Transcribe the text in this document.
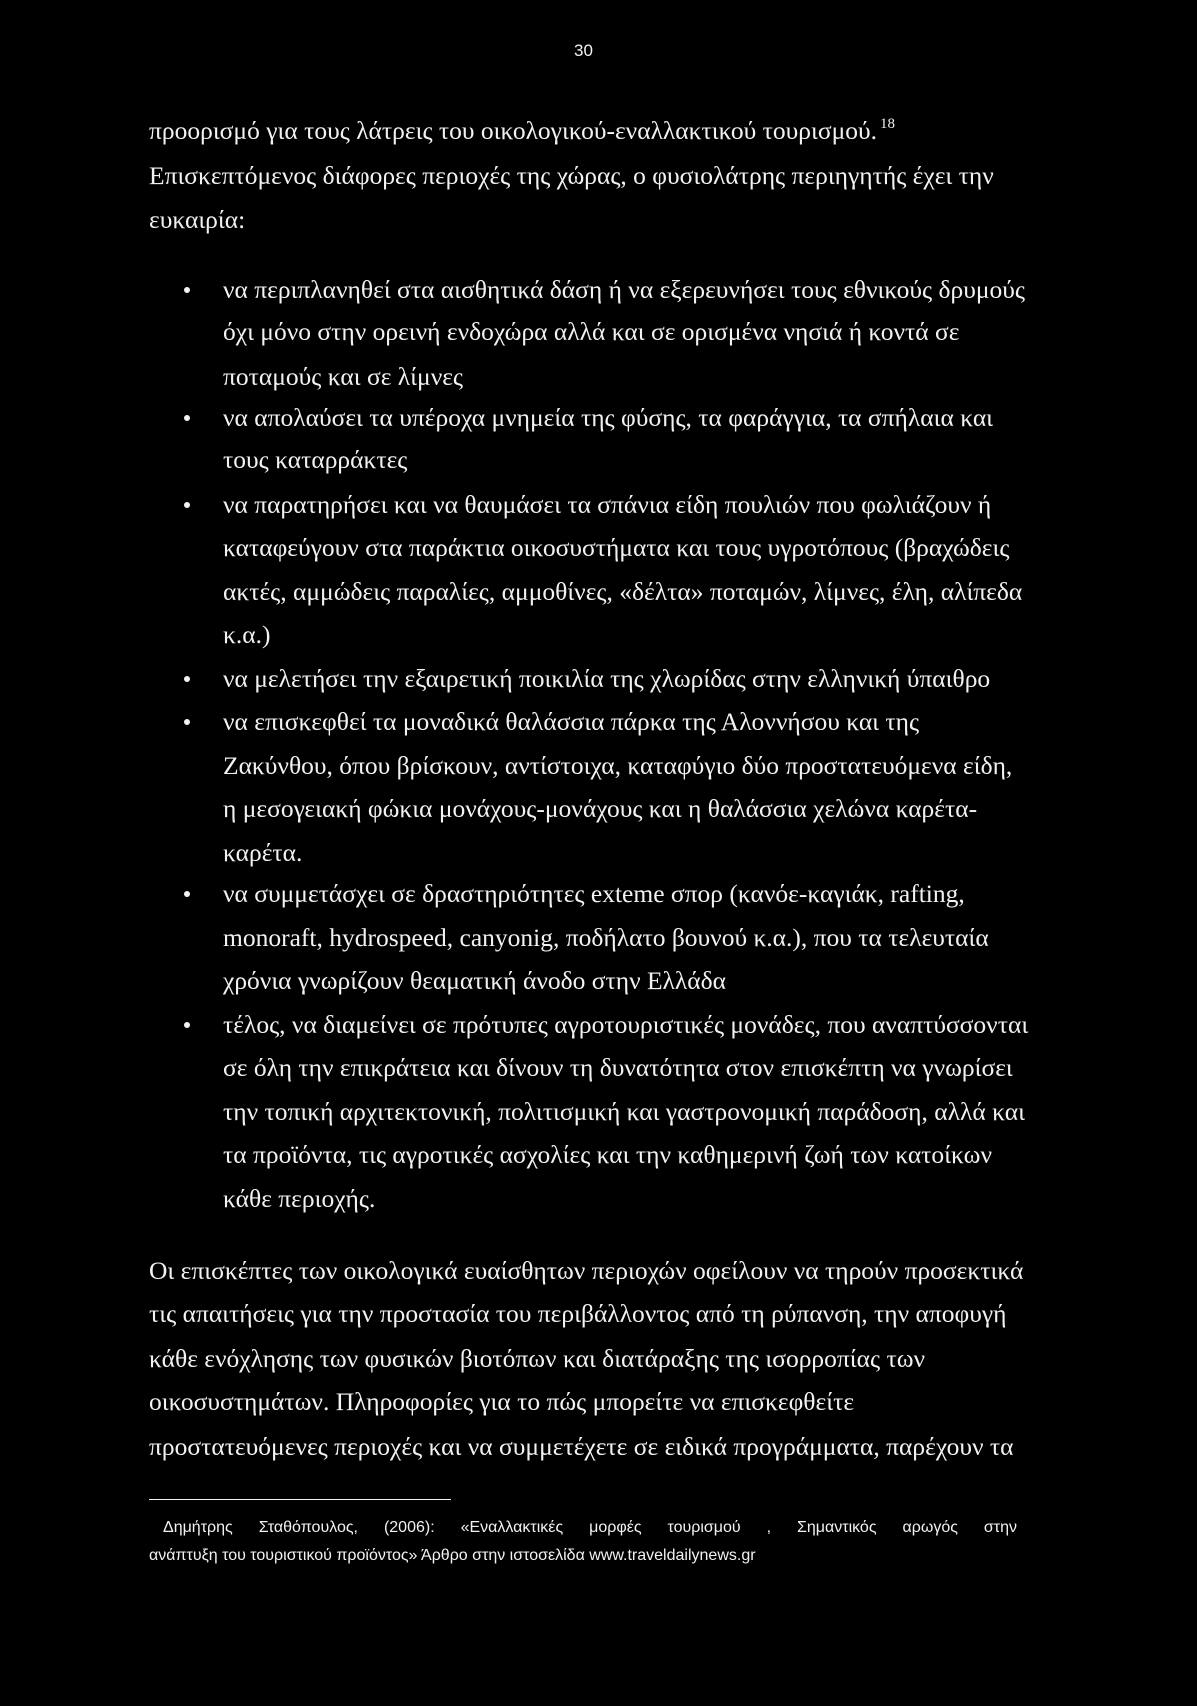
30
προορισμό για τους λάτρεις του οικολογικού-εναλλακτικού τουρισμού. $^{18}$
Επισκεπτόμενος διάφορες περιοχές της χώρας, ο φυσιολάτρης περιηγητής έχει την
ευκαιρία:
να περιπλανηθεί στα αισθητικά δάση ή να εξερευνήσει τους εθνικούς δρυμούς
όχι μόνο στην ορεινή ενδοχώρα αλλά και σε ορισμένα νησιά ή κοντά σε
ποταμούς και σε λίμνες
να απολαύσει τα υπέροχα μνημεία της φύσης, τα φαράγγια, τα σπήλαια και
τους καταρράκτες
να παρατηρήσει και να θαυμάσει τα σπάνια είδη πουλιών που φωλιάζουν ή
καταφεύγουν στα παράκτια οικοσυστήματα και τους υγροτόπους (βραχώδεις
ακτές, αμμώδεις παραλίες, αμμοθίνες, «δέλτα» ποταμών, λίμνες, έλη, αλίπεδα
κ.α.)
να μελετήσει την εξαιρετική ποικιλία της χλωρίδας στην ελληνική ύπαιθρο
να επισκεφθεί τα μοναδικά θαλάσσια πάρκα της Αλοννήσου και της
Ζακύνθου, όπου βρίσκουν, αντίστοιχα, καταφύγιο δύο προστατευόμενα είδη,
η μεσογειακή φώκια μονάχους-μονάχους και η θαλάσσια χελώνα καρέτα-
καρέτα.
να συμμετάσχει σε δραστηριότητες exteme σπορ (κανόε-καγιάκ, rafting,
monoraft, hydrospeed, canyonig, ποδήλατο βουνού κ.α.), που τα τελευταία
χρόνια γνωρίζουν θεαματική άνοδο στην Ελλάδα
τέλος, να διαμείνει σε πρότυπες αγροτουριστικές μονάδες, που αναπτύσσονται
σε όλη την επικράτεια και δίνουν τη δυνατότητα στον επισκέπτη να γνωρίσει
την τοπική αρχιτεκτονική, πολιτισμική και γαστρονομική παράδοση, αλλά και
τα προϊόντα, τις αγροτικές ασχολίες και την καθημερινή ζωή των κατοίκων
κάθε περιοχής.
Οι επισκέπτες των οικολογικά ευαίσθητων περιοχών οφείλουν να τηρούν προσεκτικά
τις απαιτήσεις για την προστασία του περιβάλλοντος από τη ρύπανση, την αποφυγή
κάθε ενόχλησης των φυσικών βιοτόπων και διατάραξης της ισορροπίας των
οικοσυστημάτων. Πληροφορίες για το πώς μπορείτε να επισκεφθείτε
προστατευόμενες περιοχές και να συμμετέχετε σε ειδικά προγράμματα, παρέχουν τα
Δημήτρης Σταθόπουλος, (2006): «Εναλλακτικές μορφές τουρισμού , Σημαντικός αρωγός στην
ανάπτυξη του τουριστικού προϊόντος» Άρθρο στην ιστοσελίδα www.traveldailynews.gr
